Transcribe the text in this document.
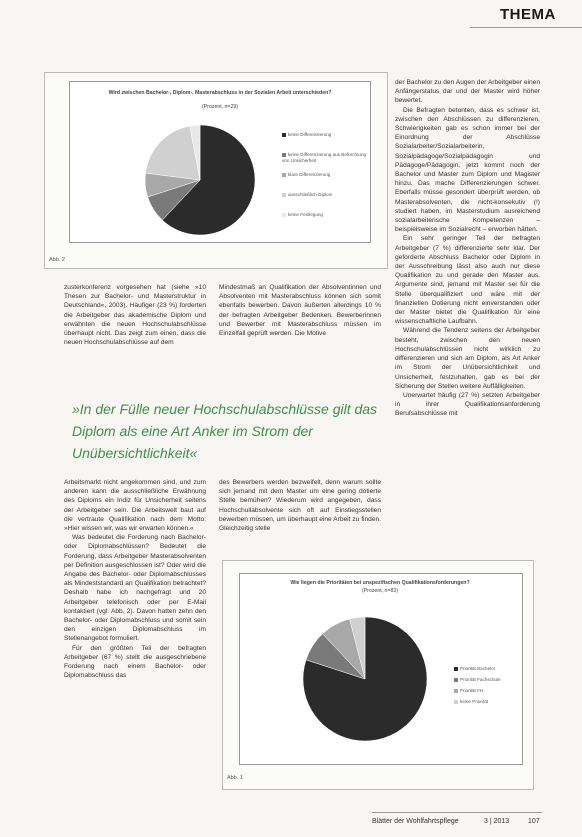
THEMA
Wird zwischen Bachelor-, Diplom-, Masterabschluss in der Sozialen Arbeit unterschieden?
(Prozent, n=29)
keine Differenzierung
keine Differenzierung aus Befürchtung von Unsicherheit
klare Differenzierung
ausschließlich Diplom
keine Festlegung
Abb. 2

der Bachelor zu den Augen der Arbeitgeber einen Anfängerstatus dar und der Master wird höher bewertet.

Die Befragten betonten, dass es schwer ist, zwischen den Abschlüssen zu differenzieren. Schwierigkeiten gab es schon immer bei der Einordnung der Abschlüsse Sozialarbeiter/Sozialarbeiterin, Sozialpädagoge/Sozialpädagogin und Pädagoge/Pädagogin, jetzt kommt noch der Bachelor und Master zum Diplom und Magister hinzu. Das mache Differenzierungen schwer. Eberfalls müsse gesondert überprüft werden, ob Masterabsolventen, die nicht-konsekutiv (!) studiert haben, im Masterstudium ausreichend sozialarbeiterische Kompetenzen – beispielsweise im Sozialrecht – erworben hätten.

Ein sehr geringer Teil der befragten Arbeitgeber (7 %) differenzierte sehr klar. Der geforderte Abschluss Bachelor oder Diplom in der Ausschreibung lässt also auch nur diese Qualifikation zu und gerade den Master aus. Argumente sind, jemand mit Master sei für die Stelle überqualifiziert und wäre mit der finanziellen Dotierung nicht einverstanden oder der Master bietet die Qualifikation für eine wissenschaftliche Laufbahn.

Während die Tendenz seitens der Arbeitgeber besteht, zwischen den neuen Hochschulabschlüssen nicht wirklich zu differenzieren und sich am Diplom, als Art Anker im Strom der Unübersichtlichkeit und Unsicherheit, festzuhalten, gab es bei der Sicherung der Stellen weitere Auffälligkeiten.

Unerwartet häufig (27 %) setzten Arbeitgeber in ihrer Qualifikationsanforderung Berufsabschlüsse mit

zusterkonferenz vorgesehen hat (siehe »10 Thesen zur Bachelor- und Masterstruktur in Deutschland«, 2003). Häufiger (23 %) forderten die Arbeitgeber das akademische Diplom und erwähnten die neuen Hochschulabschlüsse überhaupt nicht. Das zeigt zum einen, dass die neuen Hochschulabschlüsse auf dem

Mindestmaß an Qualifikation der Absolventinnen und Absolventen mit Masterabschluss können sich somit ebenfalls bewerben. Davon äußerten allerdings 10 % der befragten Arbeitgeber Bedenken. Bewerberinnen und Bewerber mit Masterabschluss müssen im Einzelfall geprüft werden. Die Motive

»In der Fülle neuer Hochschulabschlüsse gilt das Diplom als eine Art Anker im Strom der Unübersichtlichkeit«

Arbeitsmarkt nicht angekommen sind, und zum anderen kann die ausschließliche Erwähnung des Diploms ein Indiz für Unsicherheit seitens der Arbeitgeber sein. Die Arbeitswelt baut auf die vertraute Qualifikation nach dem Motto: »Hier wissen wir, was wir erwarten können.«

Was bedeutet die Forderung nach Bachelor- oder Diplomabschlüssen? Bedeutet die Forderung, dass Arbeitgeber Masterabsolventen per Definition ausgeschlossen ist? Oder wird die Angabe des Bachelor- oder Diplomabschlusses als Mindeststandard an Qualifikation betrachtet? Deshalb habe ich nachgefragt und 20 Arbeitgeber telefonisch oder per E-Mail kontaktiert (vgl. Abb. 2). Davon hatten zehn den Bachelor- oder Diplomabschluss und somit sein den einzigen Diplomabschluss im Stellenangebot formuliert.

Für den größten Teil der befragten Arbeitgeber (67 %) stellt die ausgeschriebene Forderung nach einem Bachelor- oder Diplomabschluss das

des Bewerbers werden bezweifelt, denn warum sollte sich jemand mit dem Master um eine gering dotierte Stelle bemühen? Wiederum wird angegeben, dass Hochschullabsolvente sich oft auf Einstiegsstellen bewerben müssen, um überhaupt eine Arbeit zu finden. Gleichzeitig stelle

Wie liegen die Prioritäten bei unspezifischen Qualifikationsforderungen?
(Prozent, n=83)
Priorität Bachelor
Priorität Fachschule
Priorität FH
keine Priorität
Abb. 1
Blätter der Wohlfahrtspflege	3 | 2013	107
